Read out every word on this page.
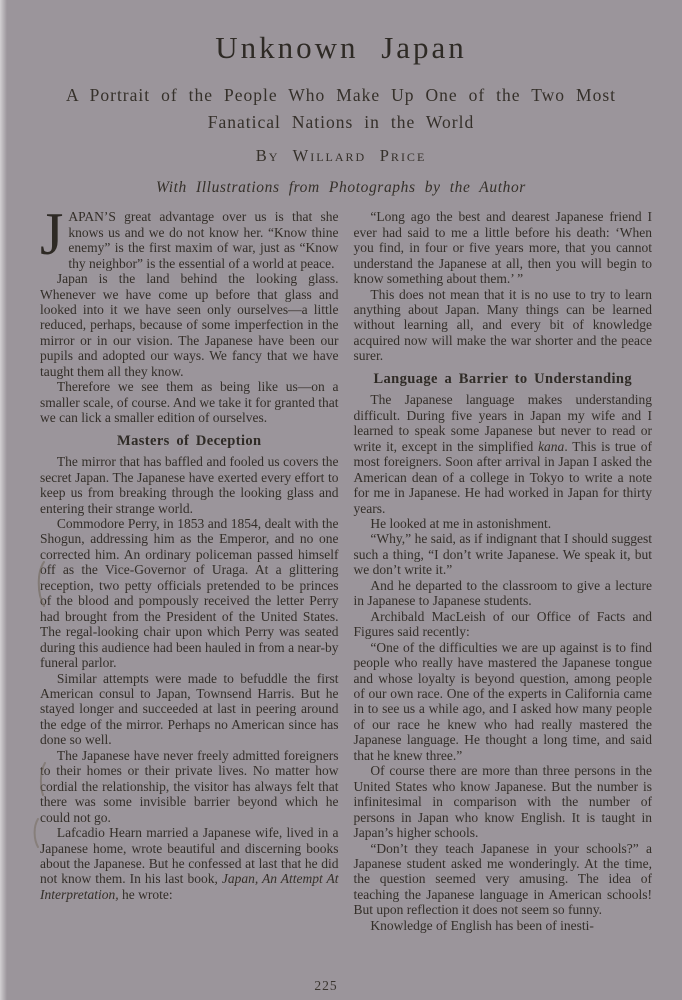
Unknown Japan

A Portrait of the People Who Make Up One of the Two Most Fanatical Nations in the World

By Willard Price

With Illustrations from Photographs by the Author

JAPAN’S great advantage over us is that she knows us and we do not know her. “Know thine enemy” is the first maxim of war, just as “Know thy neighbor” is the essential of a world at peace.

Japan is the land behind the looking glass. Whenever we have come up before that glass and looked into it we have seen only ourselves—a little reduced, perhaps, because of some imperfection in the mirror or in our vision. The Japanese have been our pupils and adopted our ways. We fancy that we have taught them all they know.

Therefore we see them as being like us—on a smaller scale, of course. And we take it for granted that we can lick a smaller edition of ourselves.

Masters of Deception

The mirror that has baffled and fooled us covers the secret Japan. The Japanese have exerted every effort to keep us from breaking through the looking glass and entering their strange world.

Commodore Perry, in 1853 and 1854, dealt with the Shogun, addressing him as the Emperor, and no one corrected him. An ordinary policeman passed himself off as the Vice-Governor of Uraga. At a glittering reception, two petty officials pretended to be princes of the blood and pompously received the letter Perry had brought from the President of the United States. The regal-looking chair upon which Perry was seated during this audience had been hauled in from a near-by funeral parlor.

Similar attempts were made to befuddle the first American consul to Japan, Townsend Harris. But he stayed longer and succeeded at last in peering around the edge of the mirror. Perhaps no American since has done so well.

The Japanese have never freely admitted foreigners to their homes or their private lives. No matter how cordial the relationship, the visitor has always felt that there was some invisible barrier beyond which he could not go.

Lafcadio Hearn married a Japanese wife, lived in a Japanese home, wrote beautiful and discerning books about the Japanese. But he confessed at last that he did not know them. In his last book, Japan, An Attempt At Interpretation, he wrote:

“Long ago the best and dearest Japanese friend I ever had said to me a little before his death: ‘When you find, in four or five years more, that you cannot understand the Japanese at all, then you will begin to know something about them.’ ”

This does not mean that it is no use to try to learn anything about Japan. Many things can be learned without learning all, and every bit of knowledge acquired now will make the war shorter and the peace surer.

Language a Barrier to Understanding

The Japanese language makes understanding difficult. During five years in Japan my wife and I learned to speak some Japanese but never to read or write it, except in the simplified kana. This is true of most foreigners. Soon after arrival in Japan I asked the American dean of a college in Tokyo to write a note for me in Japanese. He had worked in Japan for thirty years.

He looked at me in astonishment.

“Why,” he said, as if indignant that I should suggest such a thing, “I don’t write Japanese. We speak it, but we don’t write it.”

And he departed to the classroom to give a lecture in Japanese to Japanese students.

Archibald MacLeish of our Office of Facts and Figures said recently:

“One of the difficulties we are up against is to find people who really have mastered the Japanese tongue and whose loyalty is beyond question, among people of our own race. One of the experts in California came in to see us a while ago, and I asked how many people of our race he knew who had really mastered the Japanese language. He thought a long time, and said that he knew three.”

Of course there are more than three persons in the United States who know Japanese. But the number is infinitesimal in comparison with the number of persons in Japan who know English. It is taught in Japan’s higher schools.

“Don’t they teach Japanese in your schools?” a Japanese student asked me wonderingly. At the time, the question seemed very amusing. The idea of teaching the Japanese language in American schools! But upon reflection it does not seem so funny.

Knowledge of English has been of inesti-

225
